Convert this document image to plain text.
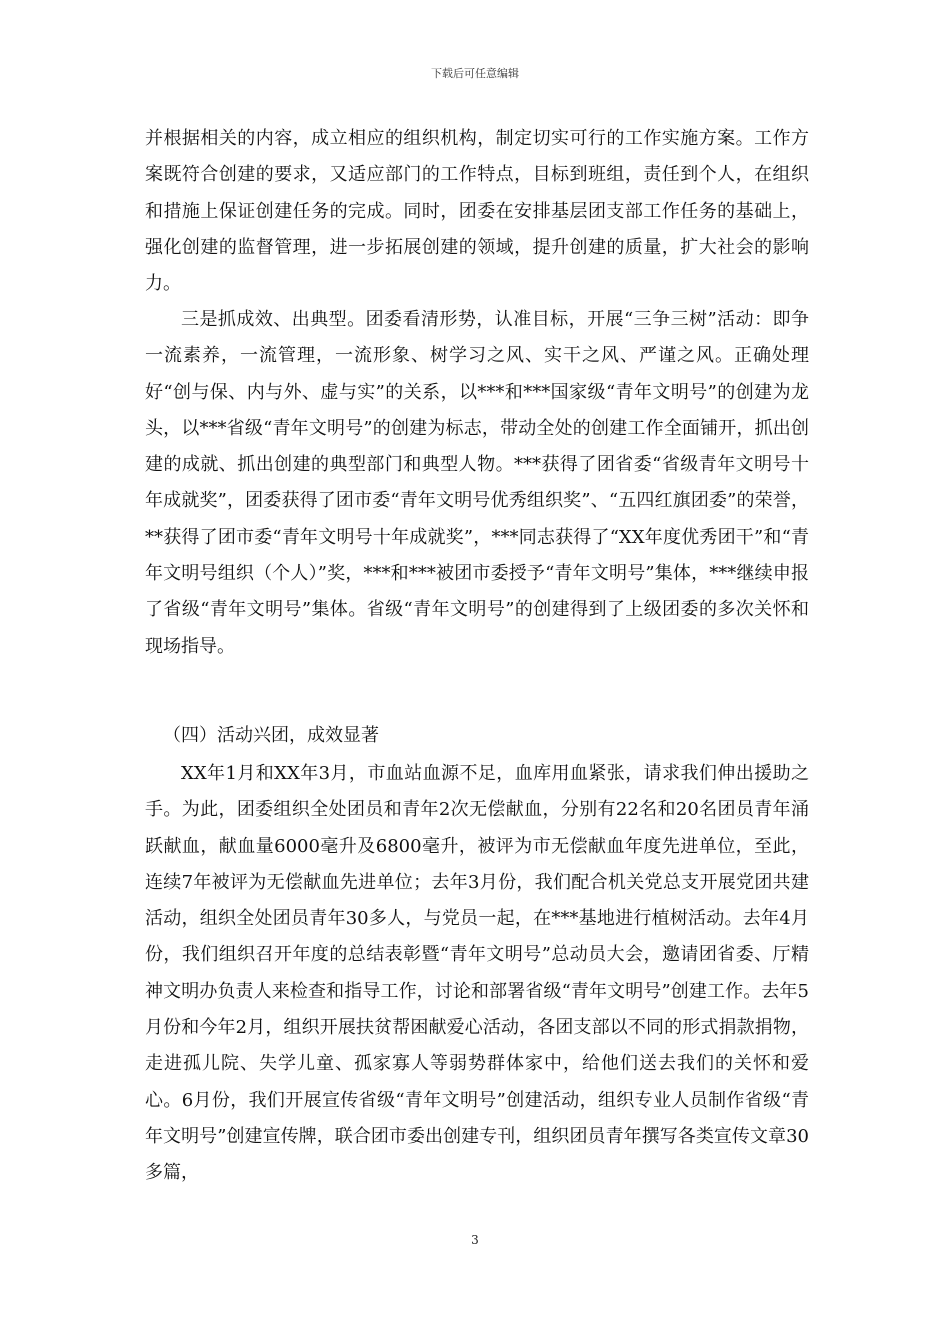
下载后可任意编辑

并根据相关的内容，成立相应的组织机构，制定切实可行的工作实施方案。工作方案既符合创建的要求，又适应部门的工作特点，目标到班组，责任到个人，在组织和措施上保证创建任务的完成。同时，团委在安排基层团支部工作任务的基础上，强化创建的监督管理，进一步拓展创建的领域，提升创建的质量，扩大社会的影响力。

三是抓成效、出典型。团委看清形势，认准目标，开展“三争三树”活动：即争一流素养，一流管理，一流形象、树学习之风、实干之风、严谨之风。正确处理好“创与保、内与外、虚与实”的关系，以***和***国家级“青年文明号”的创建为龙头，以***省级“青年文明号”的创建为标志，带动全处的创建工作全面铺开，抓出创建的成就、抓出创建的典型部门和典型人物。***获得了团省委“省级青年文明号十年成就奖”，团委获得了团市委“青年文明号优秀组织奖”、“五四红旗团委”的荣誉，**获得了团市委“青年文明号十年成就奖”，***同志获得了“XX年度优秀团干”和“青年文明号组织（个人）”奖，***和***被团市委授予“青年文明号”集体，***继续申报了省级“青年文明号”集体。省级“青年文明号”的创建得到了上级团委的多次关怀和现场指导。

（四）活动兴团，成效显著

XX年1月和XX年3月，市血站血源不足，血库用血紧张，请求我们伸出援助之手。为此，团委组织全处团员和青年2次无偿献血，分别有22名和20名团员青年涌跃献血，献血量6000毫升及6800毫升，被评为市无偿献血年度先进单位，至此，连续7年被评为无偿献血先进单位；去年3月份，我们配合机关党总支开展党团共建活动，组织全处团员青年30多人，与党员一起，在***基地进行植树活动。去年4月份，我们组织召开年度的总结表彰暨“青年文明号”总动员大会，邀请团省委、厅精神文明办负责人来检查和指导工作，讨论和部署省级“青年文明号”创建工作。去年5月份和今年2月，组织开展扶贫帮困献爱心活动，各团支部以不同的形式捐款捐物，走进孤儿院、失学儿童、孤家寡人等弱势群体家中，给他们送去我们的关怀和爱心。6月份，我们开展宣传省级“青年文明号”创建活动，组织专业人员制作省级“青年文明号”创建宣传牌，联合团市委出创建专刊，组织团员青年撰写各类宣传文章30多篇，

3
